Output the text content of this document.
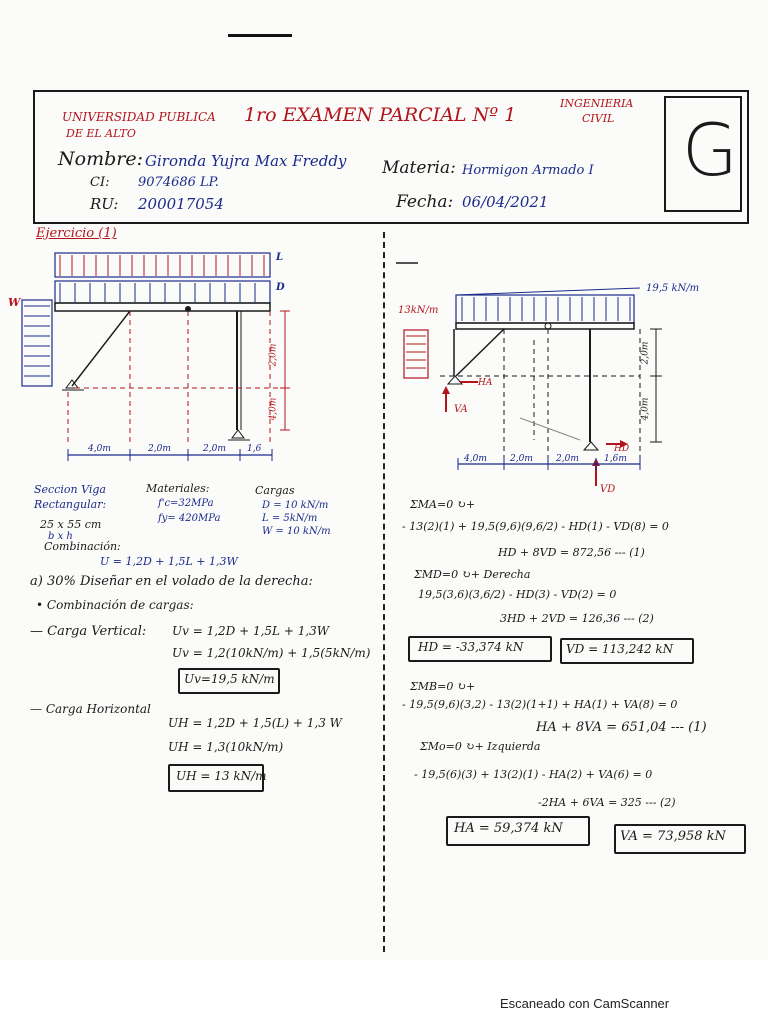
G
UNIVERSIDAD PUBLICA
DE EL ALTO
1ro EXAMEN PARCIAL Nº 1
INGENIERIA
CIVIL
Nombre: Gironda Yujra Max Freddy
CI: 9074686 LP.
RU: 200017054
Materia: Hormigon Armado I
Fecha: 06/04/2021
Ejercicio (1)
L
D
W
2,0m
4,0m
4,0m	2,0m	2,0m 1,6
Seccion Viga Rectangular:
25 x 55 cm
b x h
Materiales:
f'c=32MPa
fy= 420MPa
Cargas
D = 10 kN/m
L = 5kN/m
W = 10 kN/m
Combinación:
U = 1,2D + 1,5L + 1,3W
a) 30% Diseñar en el volado de la derecha:
• Combinación de cargas:
— Carga Vertical: Uv = 1,2D + 1,5L + 1,3W
Uv = 1,2(10kN/m) + 1,5(5kN/m)
Uv=19,5 kN/m
— Carga Horizontal
UH = 1,2D + 1,5(L) + 1,3 W
UH = 1,3(10kN/m)
UH = 13 kN/m
19,5 kN/m
13kN/m
2,0m
4,0m
HA
VA
HD
VD
4,0m	2,0m	2,0m	1,6m
ΣMA=0 ↻+
- 13(2)(1) + 19,5(9,6)(9,6/2) - HD(1) - VD(8) = 0
HD + 8VD = 872,56 --- (1)
ΣMD=0 ↻+ Derecha
19,5(3,6)(3,6/2) - HD(3) - VD(2) = 0
3HD + 2VD = 126,36 --- (2)
HD = -33,374 kN	VD = 113,242 kN
ΣMB=0 ↻+
- 19,5(9,6)(3,2) - 13(2)(1+1) + HA(1) + VA(8) = 0
HA + 8VA = 651,04 --- (1)
ΣMo=0 ↻+ Izquierda
- 19,5(6)(3) + 13(2)(1) - HA(2) + VA(6) = 0
-2HA + 6VA = 325 --- (2)
HA = 59,374 kN
VA = 73,958 kN
Escaneado con CamScanner
